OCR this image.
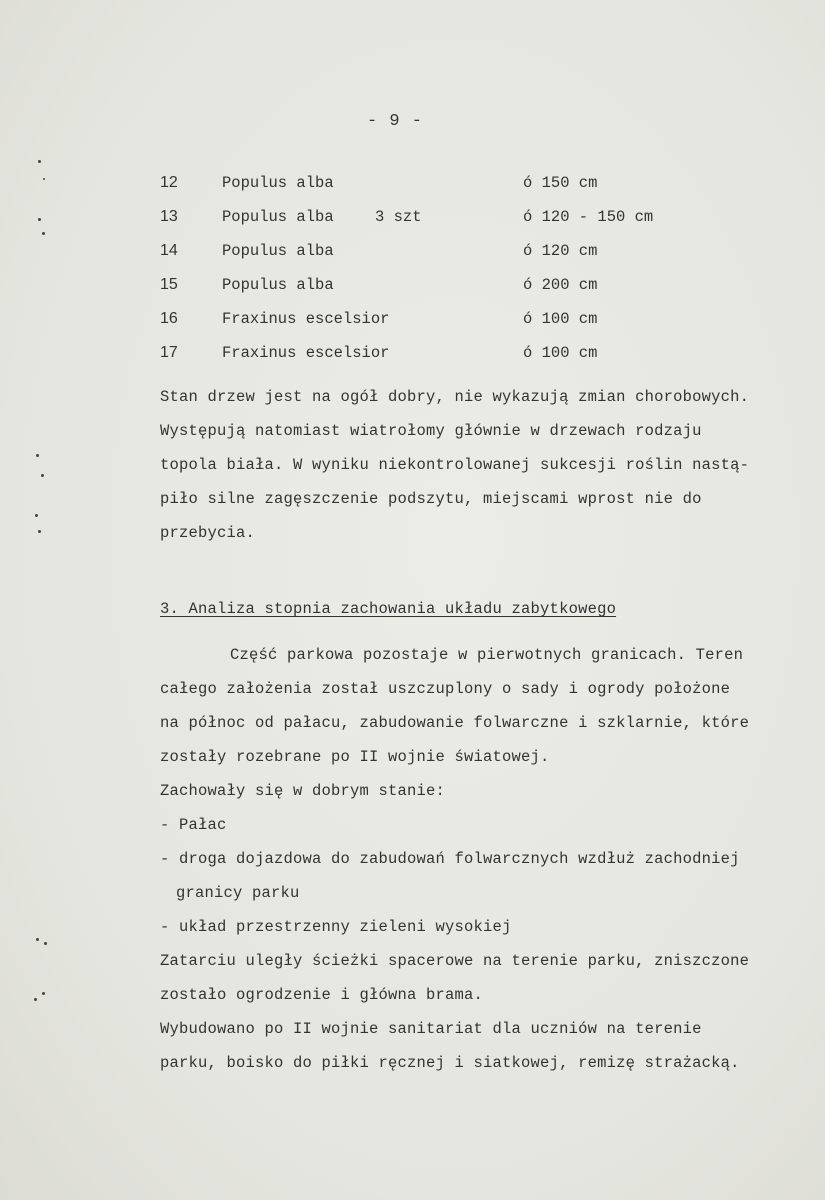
- 9 -
12	Populus alba	ó 150 cm
13	Populus alba	3 szt	ó 120 - 150 cm
14	Populus alba	ó 120 cm
15	Populus alba	ó 200 cm
16	Fraxinus escelsior	ó 100 cm
17	Fraxinus escelsior	ó 100 cm
Stan drzew jest na ogół dobry, nie wykazują zmian chorobowych.
Występują natomiast wiatrołomy głównie w drzewach rodzaju
topola biała. W wyniku niekontrolowanej sukcesji roślin nastą-
piło silne zagęszczenie podszytu, miejscami wprost nie do
przebycia.
3. Analiza stopnia zachowania układu zabytkowego
Część parkowa pozostaje w pierwotnych granicach. Teren
całego założenia został uszczuplony o sady i ogrody położone
na północ od pałacu, zabudowanie folwarczne i szklarnie, które
zostały rozebrane po II wojnie światowej.
Zachowały się w dobrym stanie:
- Pałac
- droga dojazdowa do zabudowań folwarcznych wzdłuż zachodniej
granicy parku
- układ przestrzenny zieleni wysokiej
Zatarciu uległy ścieżki spacerowe na terenie parku, zniszczone
zostało ogrodzenie i główna brama.
Wybudowano po II wojnie sanitariat dla uczniów na terenie
parku, boisko do piłki ręcznej i siatkowej, remizę strażacką.
